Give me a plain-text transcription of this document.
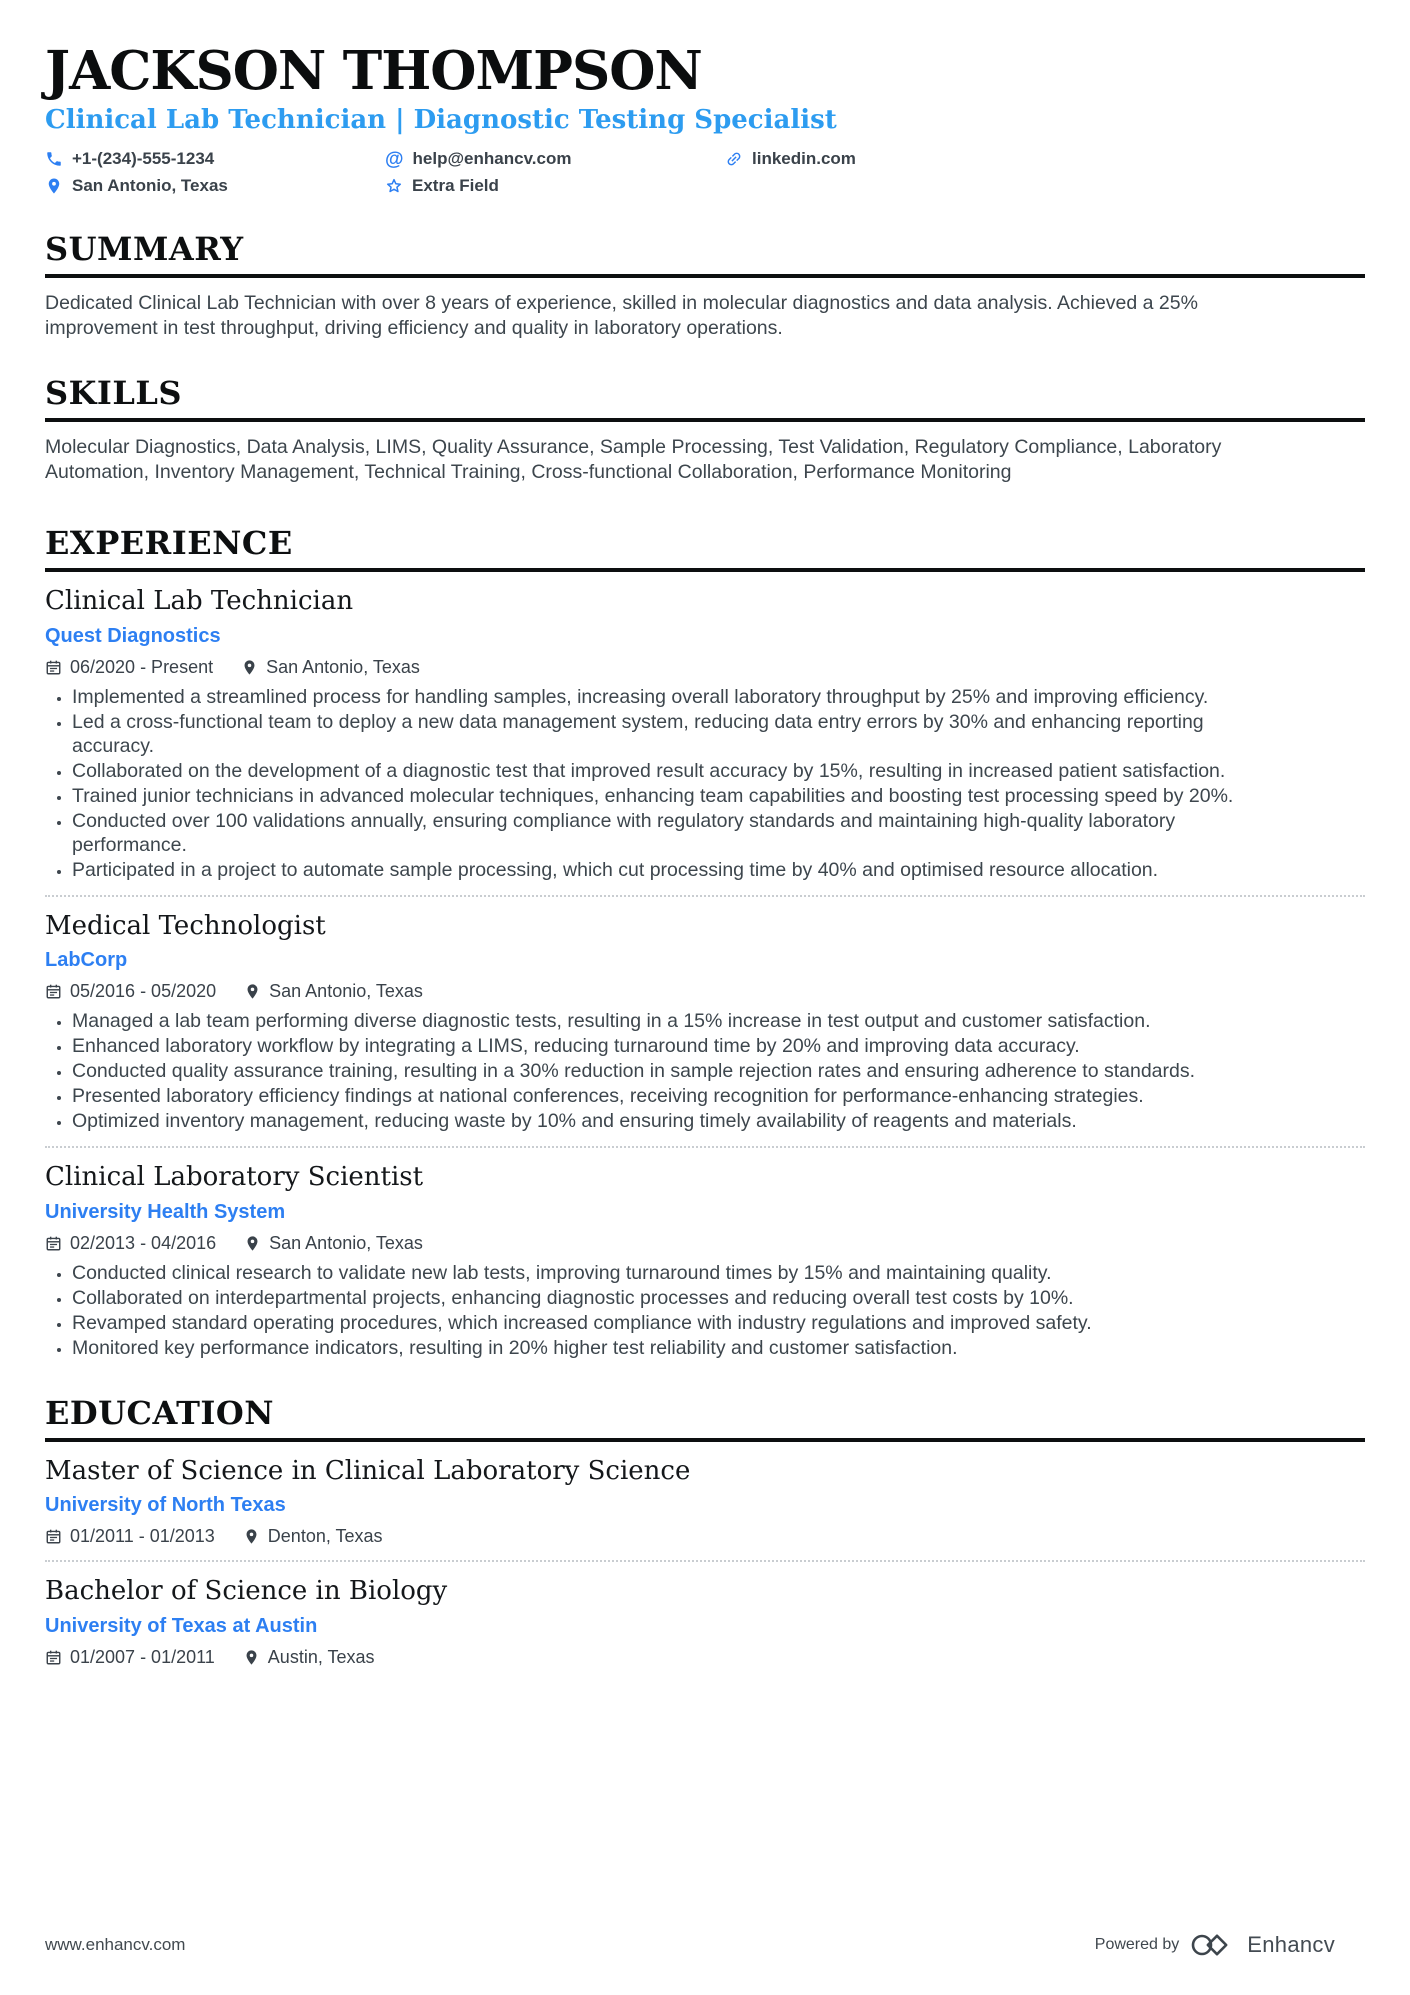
JACKSON THOMPSON
Clinical Lab Technician | Diagnostic Testing Specialist
+1-(234)-555-1234	@ help@enhancv.com	linkedin.com
San Antonio, Texas	Extra Field
SUMMARY

Dedicated Clinical Lab Technician with over 8 years of experience, skilled in molecular diagnostics and data analysis. Achieved a 25% improvement in test throughput, driving efficiency and quality in laboratory operations.

SKILLS

Molecular Diagnostics, Data Analysis, LIMS, Quality Assurance, Sample Processing, Test Validation, Regulatory Compliance, Laboratory Automation, Inventory Management, Technical Training, Cross-functional Collaboration, Performance Monitoring

EXPERIENCE
Clinical Lab Technician
Quest Diagnostics
06/2020 - Present	San Antonio, Texas
• Implemented a streamlined process for handling samples, increasing overall laboratory throughput by 25% and improving efficiency.
• Led a cross-functional team to deploy a new data management system, reducing data entry errors by 30% and enhancing reporting accuracy.
• Collaborated on the development of a diagnostic test that improved result accuracy by 15%, resulting in increased patient satisfaction.
• Trained junior technicians in advanced molecular techniques, enhancing team capabilities and boosting test processing speed by 20%.
• Conducted over 100 validations annually, ensuring compliance with regulatory standards and maintaining high-quality laboratory performance.
• Participated in a project to automate sample processing, which cut processing time by 40% and optimised resource allocation.
Medical Technologist
LabCorp
05/2016 - 05/2020	San Antonio, Texas
• Managed a lab team performing diverse diagnostic tests, resulting in a 15% increase in test output and customer satisfaction.
• Enhanced laboratory workflow by integrating a LIMS, reducing turnaround time by 20% and improving data accuracy.
• Conducted quality assurance training, resulting in a 30% reduction in sample rejection rates and ensuring adherence to standards.
• Presented laboratory efficiency findings at national conferences, receiving recognition for performance-enhancing strategies.
• Optimized inventory management, reducing waste by 10% and ensuring timely availability of reagents and materials.
Clinical Laboratory Scientist
University Health System
02/2013 - 04/2016	San Antonio, Texas
• Conducted clinical research to validate new lab tests, improving turnaround times by 15% and maintaining quality.
• Collaborated on interdepartmental projects, enhancing diagnostic processes and reducing overall test costs by 10%.
• Revamped standard operating procedures, which increased compliance with industry regulations and improved safety.
• Monitored key performance indicators, resulting in 20% higher test reliability and customer satisfaction.
EDUCATION
Master of Science in Clinical Laboratory Science
University of North Texas
01/2011 - 01/2013	Denton, Texas
Bachelor of Science in Biology
University of Texas at Austin
01/2007 - 01/2011	Austin, Texas
www.enhancv.com	Powered by	Enhancv
